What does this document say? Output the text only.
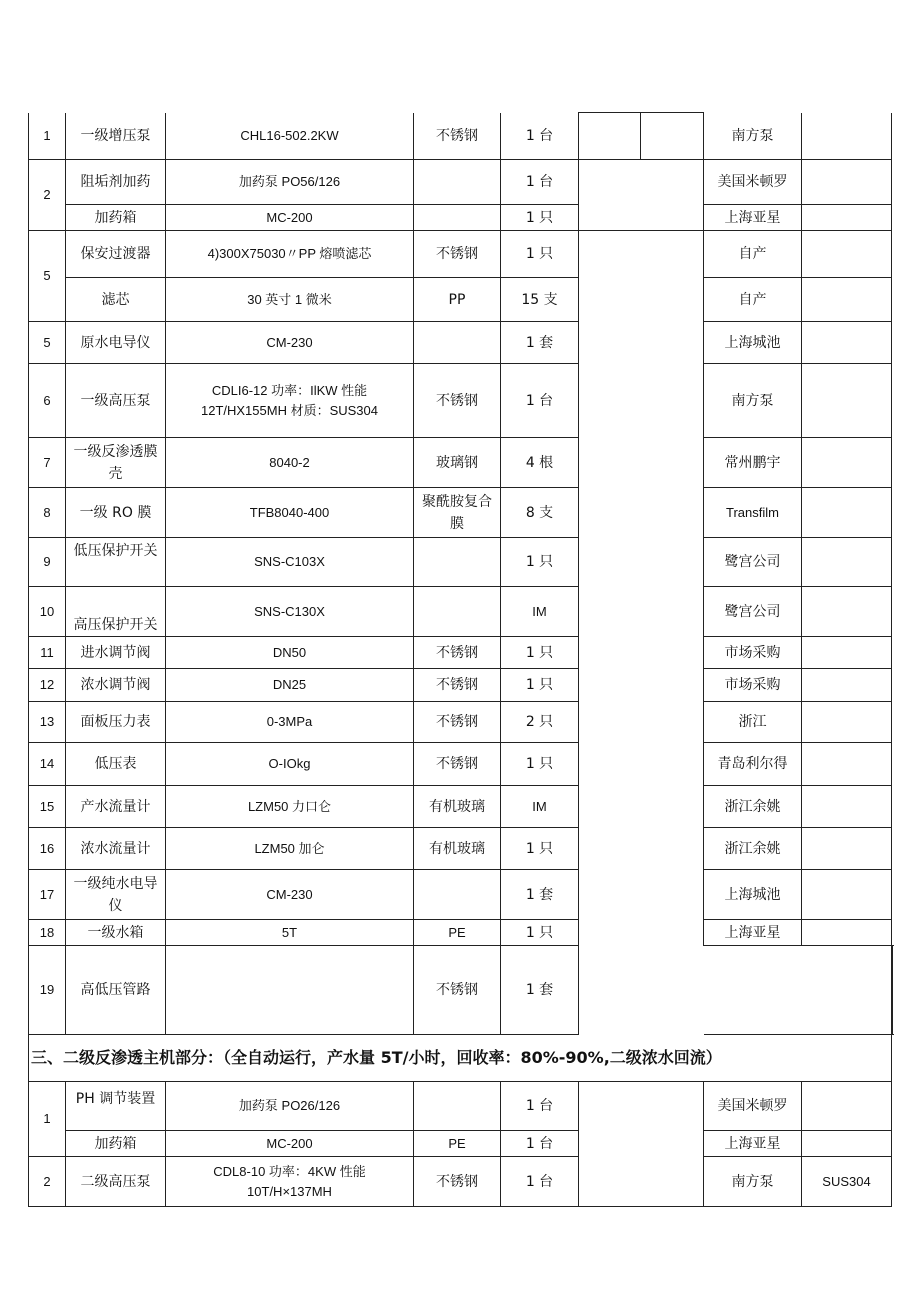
1	一级增压泵	CHL16-502.2KW	不锈钢	1 台			南方泵		
2	阻垢剂加药	加药泵 PO56/126		1 台			美国米顿罗		
	加药箱	MC-200		1 只			上海亚星		
5	保安过渡器	4)300X75030〃PP 熔喷滤芯	不锈钢	1 只			自产		
	滤芯	30 英寸 1 微米	PP	15 支			自产		
5	原水电导仪	CM-230		1 套			上海城池		
6	一级高压泵	CDLI6-12 功率：IlKW 性能
12T/HX155MH 材质：SUS304	不锈钢	1 台			南方泵		
7	一级反渗透膜
壳	8040-2	玻璃钢	4 根			常州鹏宇		
8	一级 RO 膜	TFB8040-400	聚酰胺复合
膜	8 支			Transfilm		
9	低压保护开关	SNS-C103X		1 只			鹭宫公司		
10	高压保护开关	SNS-C130X		IM			鹭宫公司		
11	进水调节阀	DN50	不锈钢	1 只			市场采购		
12	浓水调节阀	DN25	不锈钢	1 只			市场采购		
13	面板压力表	0-3MPa	不锈钢	2 只			浙江		
14	低压表	O-IOkg	不锈钢	1 只			青岛利尔得		
15	产水流量计	LZM50 力口仑	有机玻璃	IM			浙江余姚		
16	浓水流量计	LZM50 加仑	有机玻璃	1 只			浙江余姚		
17	一级纯水电导
仪	CM-230		1 套			上海城池		
18	一级水箱	5T	PE	1 只			上海亚星		
19	高低压管路		不锈钢	1 套			
三、二级反渗透主机部分：（全自动运行，产水量 5T/小时，回收率：80%-90%,二级浓水回流）									
1	PH 调节装置	加药泵 PO26/126		1 台			美国米顿罗		
	加药箱	MC-200	PE	1 台			上海亚星		
2	二级高压泵	CDL8-10 功率：4KW 性能
10T/H×137MH	不锈钢	1 台			南方泵	SUS304	
